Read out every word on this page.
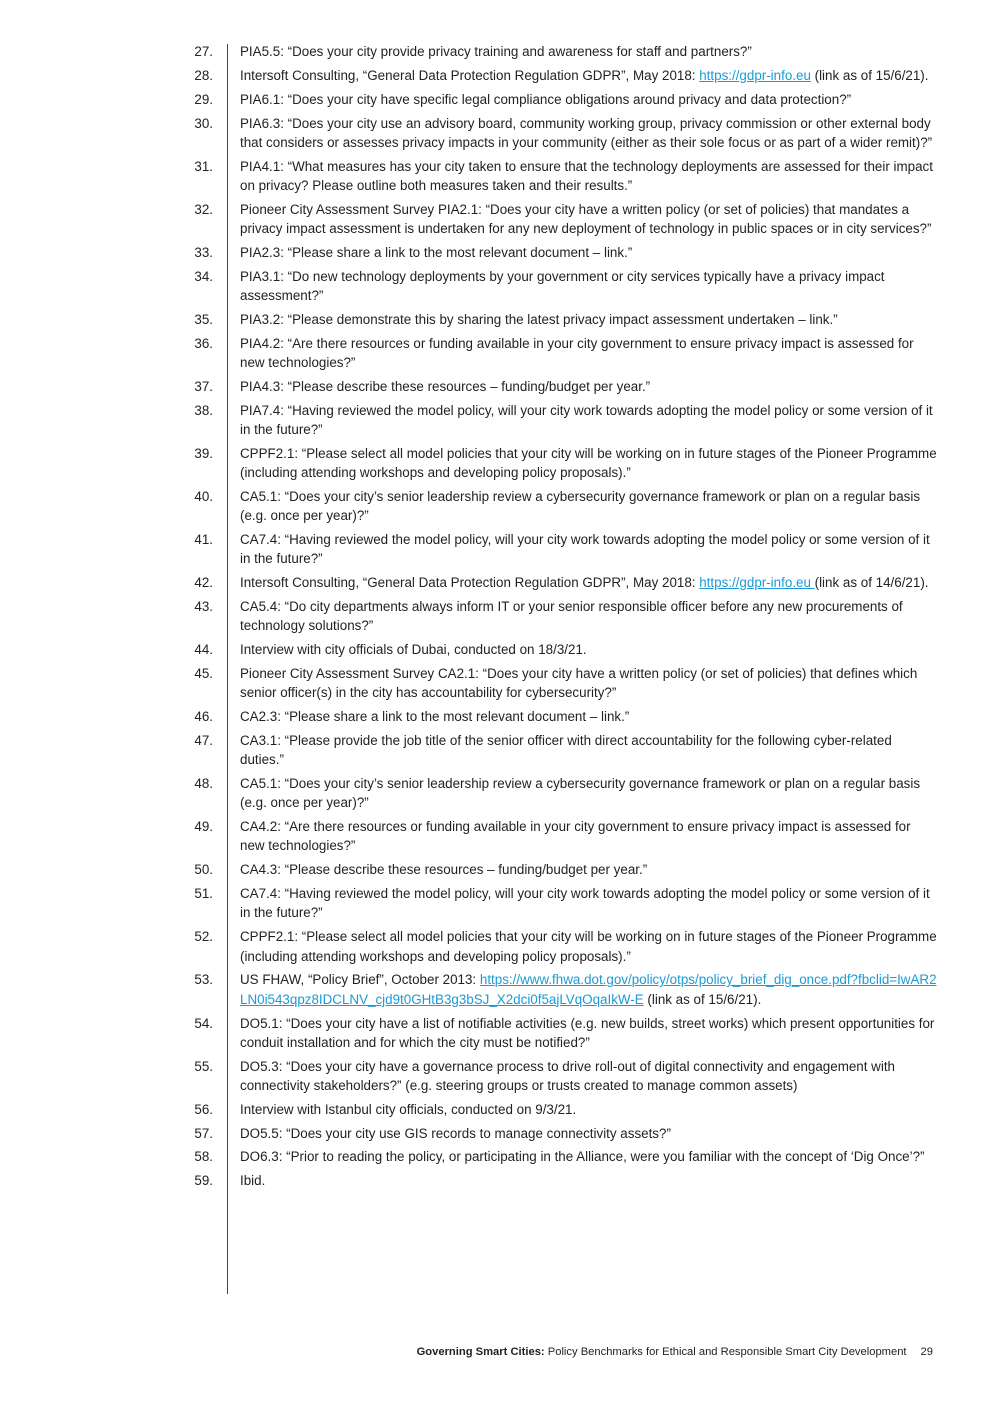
27. PIA5.5: “Does your city provide privacy training and awareness for staff and partners?”
28. Intersoft Consulting, “General Data Protection Regulation GDPR”, May 2018: https://gdpr-info.eu (link as of 15/6/21).
29. PIA6.1: “Does your city have specific legal compliance obligations around privacy and data protection?”
30. PIA6.3: “Does your city use an advisory board, community working group, privacy commission or other external body that considers or assesses privacy impacts in your community (either as their sole focus or as part of a wider remit)?”
31. PIA4.1: “What measures has your city taken to ensure that the technology deployments are assessed for their impact on privacy? Please outline both measures taken and their results.”
32. Pioneer City Assessment Survey PIA2.1: “Does your city have a written policy (or set of policies) that mandates a privacy impact assessment is undertaken for any new deployment of technology in public spaces or in city services?”
33. PIA2.3: “Please share a link to the most relevant document – link.”
34. PIA3.1: “Do new technology deployments by your government or city services typically have a privacy impact assessment?”
35. PIA3.2: “Please demonstrate this by sharing the latest privacy impact assessment undertaken – link.”
36. PIA4.2: “Are there resources or funding available in your city government to ensure privacy impact is assessed for new technologies?”
37. PIA4.3: “Please describe these resources – funding/budget per year.”
38. PIA7.4: “Having reviewed the model policy, will your city work towards adopting the model policy or some version of it in the future?”
39. CPPF2.1: “Please select all model policies that your city will be working on in future stages of the Pioneer Programme (including attending workshops and developing policy proposals).”
40. CA5.1: “Does your city’s senior leadership review a cybersecurity governance framework or plan on a regular basis (e.g. once per year)?”
41. CA7.4: “Having reviewed the model policy, will your city work towards adopting the model policy or some version of it in the future?”
42. Intersoft Consulting, “General Data Protection Regulation GDPR”, May 2018: https://gdpr-info.eu (link as of 14/6/21).
43. CA5.4: “Do city departments always inform IT or your senior responsible officer before any new procurements of technology solutions?”
44. Interview with city officials of Dubai, conducted on 18/3/21.
45. Pioneer City Assessment Survey CA2.1: “Does your city have a written policy (or set of policies) that defines which senior officer(s) in the city has accountability for cybersecurity?”
46. CA2.3: “Please share a link to the most relevant document – link.”
47. CA3.1: “Please provide the job title of the senior officer with direct accountability for the following cyber-related duties.”
48. CA5.1: “Does your city’s senior leadership review a cybersecurity governance framework or plan on a regular basis (e.g. once per year)?”
49. CA4.2: “Are there resources or funding available in your city government to ensure privacy impact is assessed for new technologies?”
50. CA4.3: “Please describe these resources – funding/budget per year.”
51. CA7.4: “Having reviewed the model policy, will your city work towards adopting the model policy or some version of it in the future?”
52. CPPF2.1: “Please select all model policies that your city will be working on in future stages of the Pioneer Programme (including attending workshops and developing policy proposals).”
53. US FHAW, “Policy Brief”, October 2013: https://www.fhwa.dot.gov/policy/otps/policy_brief_dig_once.pdf?fbclid=IwAR2LN0i543qpz8IDCLNV_cjd9t0GHtB3g3bSJ_X2dci0f5ajLVqOqaIkW-E (link as of 15/6/21).
54. DO5.1: “Does your city have a list of notifiable activities (e.g. new builds, street works) which present opportunities for conduit installation and for which the city must be notified?”
55. DO5.3: “Does your city have a governance process to drive roll-out of digital connectivity and engagement with connectivity stakeholders?” (e.g. steering groups or trusts created to manage common assets)
56. Interview with Istanbul city officials, conducted on 9/3/21.
57. DO5.5: “Does your city use GIS records to manage connectivity assets?”
58. DO6.3: “Prior to reading the policy, or participating in the Alliance, were you familiar with the concept of ‘Dig Once’?”
59. Ibid.
Governing Smart Cities: Policy Benchmarks for Ethical and Responsible Smart City Development 29
